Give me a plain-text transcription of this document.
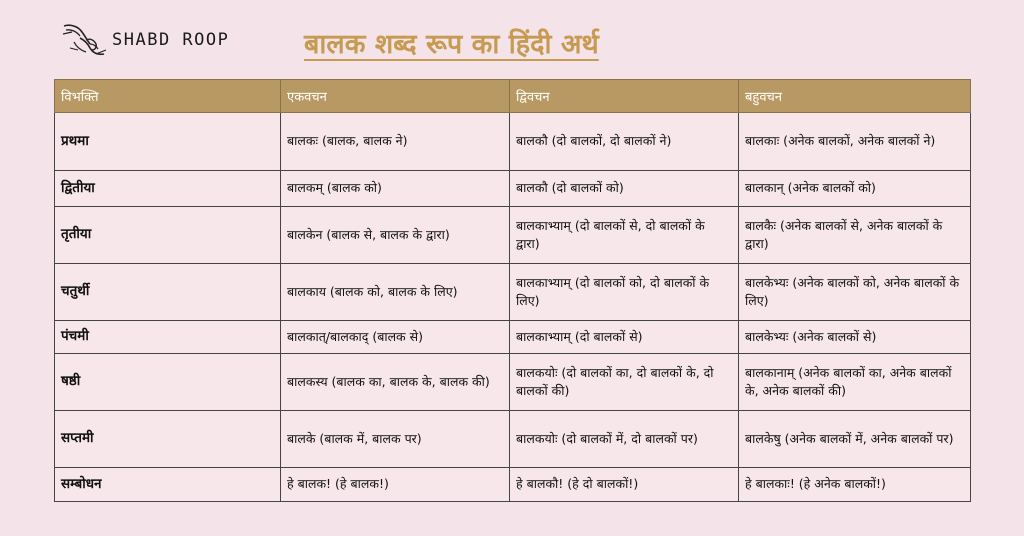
SHABD ROOP	बालक शब्द रूप का हिंदी अर्थ
विभक्ति	एकवचन	द्विवचन	बहुवचन
प्रथमा	बालकः (बालक, बालक ने)	बालकौ (दो बालकों, दो बालकों ने)	बालकाः (अनेक बालकों, अनेक बालकों ने)
द्वितीया	बालकम् (बालक को)	बालकौ (दो बालकों को)	बालकान् (अनेक बालकों को)
तृतीया	बालकेन (बालक से, बालक के द्वारा)	बालकाभ्याम् (दो बालकों से, दो बालकों के द्वारा)	बालकैः (अनेक बालकों से, अनेक बालकों के द्वारा)
चतुर्थी	बालकाय (बालक को, बालक के लिए)	बालकाभ्याम् (दो बालकों को, दो बालकों के लिए)	बालकेभ्यः (अनेक बालकों को, अनेक बालकों के लिए)
पंचमी	बालकात्/बालकाद् (बालक से)	बालकाभ्याम् (दो बालकों से)	बालकेभ्यः (अनेक बालकों से)
षष्ठी	बालकस्य (बालक का, बालक के, बालक की)	बालकयोः (दो बालकों का, दो बालकों के, दो बालकों की)	बालकानाम् (अनेक बालकों का, अनेक बालकों के, अनेक बालकों की)
सप्तमी	बालके (बालक में, बालक पर)	बालकयोः (दो बालकों में, दो बालकों पर)	बालकेषु (अनेक बालकों में, अनेक बालकों पर)
सम्बोधन	हे बालक! (हे बालक!)	हे बालकौ! (हे दो बालकों!)	हे बालकाः! (हे अनेक बालकों!)
